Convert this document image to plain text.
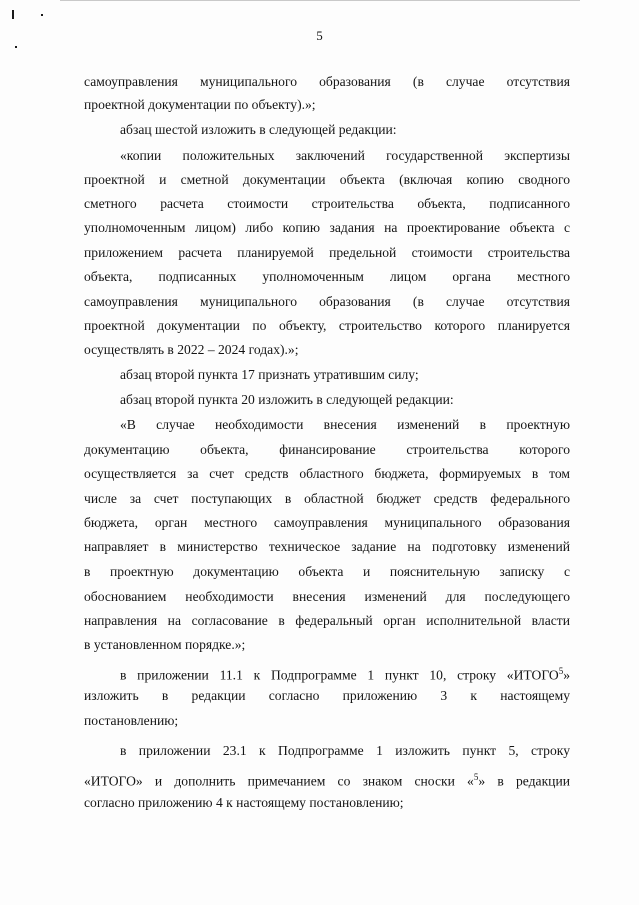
5
самоуправления муниципального образования (в случае отсутствия
проектной документации по объекту).»;
абзац шестой изложить в следующей редакции:
«копии положительных заключений государственной экспертизы
проектной и сметной документации объекта (включая копию сводного
сметного расчета стоимости строительства объекта, подписанного
уполномоченным лицом) либо копию задания на проектирование объекта с
приложением расчета планируемой предельной стоимости строительства
объекта, подписанных уполномоченным лицом органа местного
самоуправления муниципального образования (в случае отсутствия
проектной документации по объекту, строительство которого планируется
осуществлять в 2022 – 2024 годах).»;
абзац второй пункта 17 признать утратившим силу;
абзац второй пункта 20 изложить в следующей редакции:
«В случае необходимости внесения изменений в проектную
документацию объекта, финансирование строительства которого
осуществляется за счет средств областного бюджета, формируемых в том
числе за счет поступающих в областной бюджет средств федерального
бюджета, орган местного самоуправления муниципального образования
направляет в министерство техническое задание на подготовку изменений
в проектную документацию объекта и пояснительную записку с
обоснованием необходимости внесения изменений для последующего
направления на согласование в федеральный орган исполнительной власти
в установленном порядке.»;
в приложении 11.1 к Подпрограмме 1 пункт 10, строку «ИТОГО$^5$»
изложить в редакции согласно приложению 3 к настоящему
постановлению;
в приложении 23.1 к Подпрограмме 1 изложить пункт 5, строку
«ИТОГО» и дополнить примечанием со знаком сноски «$^5$» в редакции
согласно приложению 4 к настоящему постановлению;
